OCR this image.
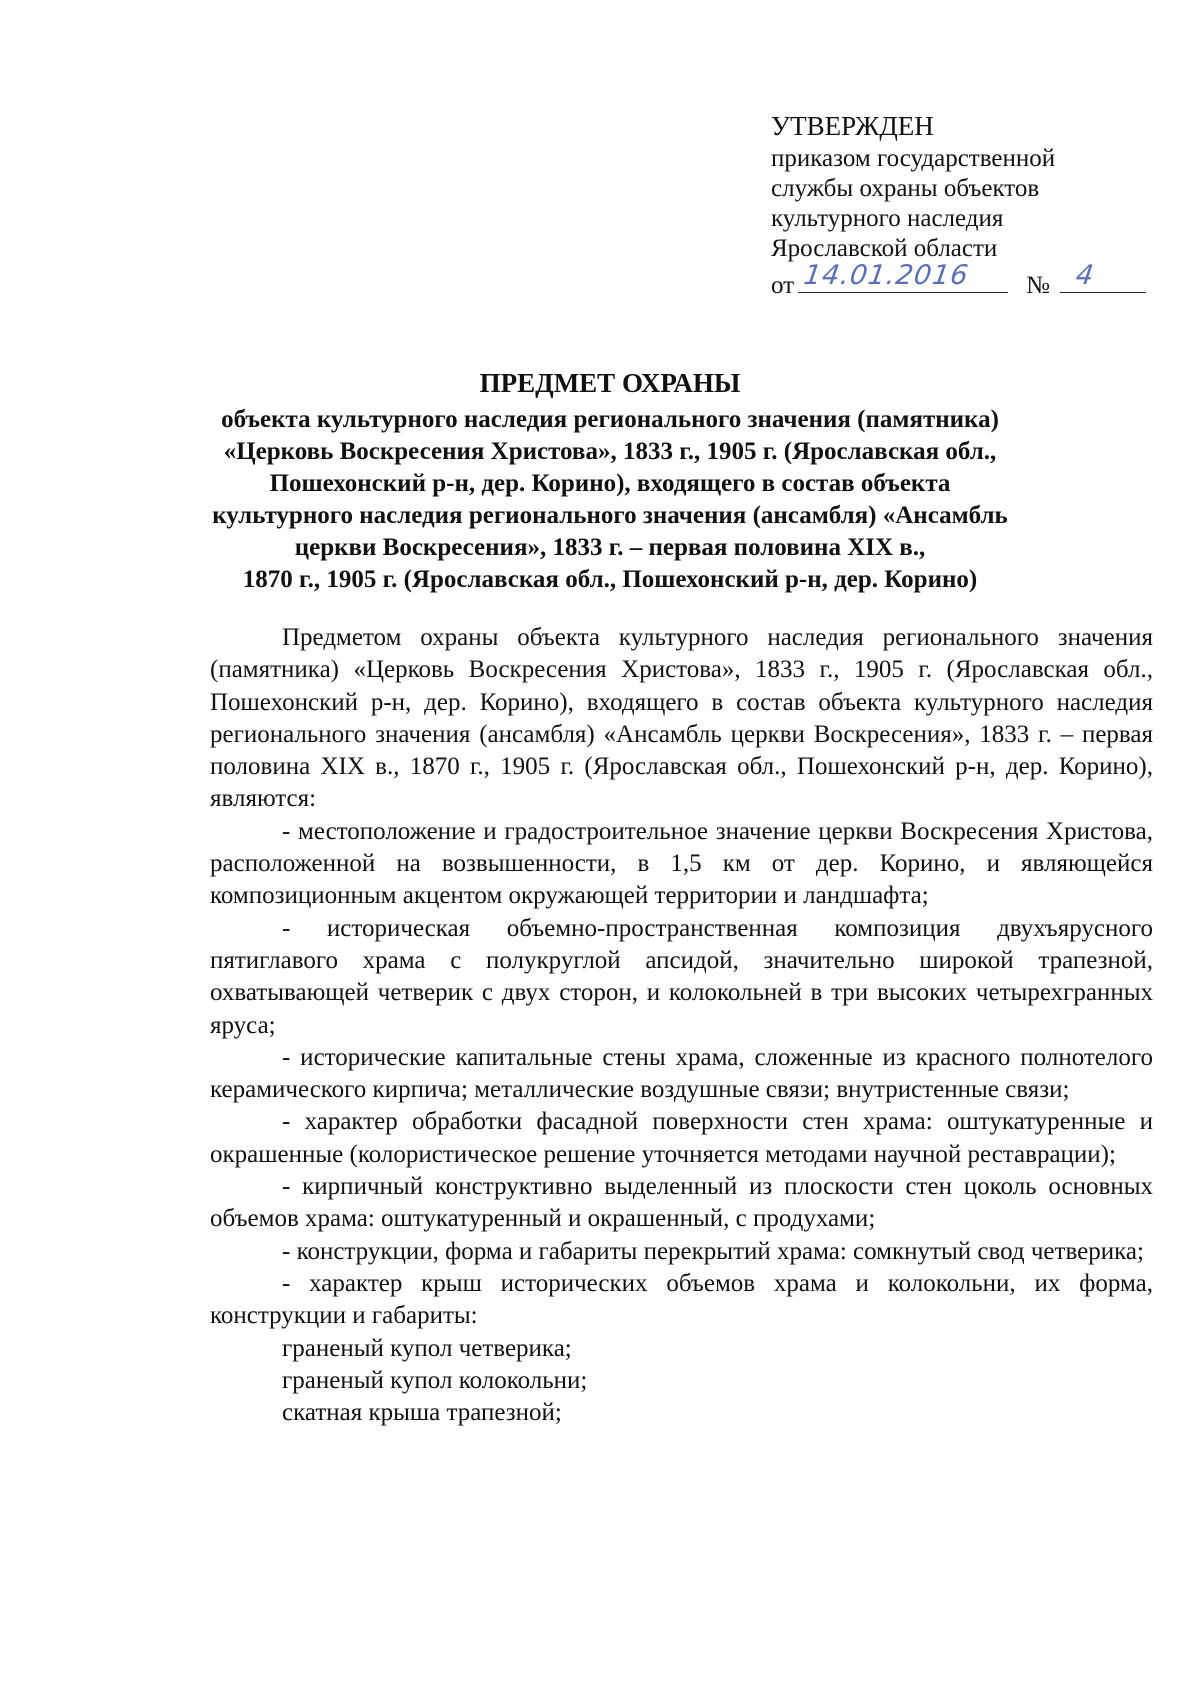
УТВЕРЖДЕН
приказом государственной
службы охраны объектов
культурного наследия
Ярославской области
от 14.01.2016 № 4
ПРЕДМЕТ ОХРАНЫ
объекта культурного наследия регионального значения (памятника)
«Церковь Воскресения Христова», 1833 г., 1905 г. (Ярославская обл.,
Пошехонский р-н, дер. Корино), входящего в состав объекта
культурного наследия регионального значения (ансамбля) «Ансамбль
церкви Воскресения», 1833 г. – первая половина XIX в.,
1870 г., 1905 г. (Ярославская обл., Пошехонский р-н, дер. Корино)

Предметом охраны объекта культурного наследия регионального значения (памятника) «Церковь Воскресения Христова», 1833 г., 1905 г. (Ярославская обл., Пошехонский р-н, дер. Корино), входящего в состав объекта культурного наследия регионального значения (ансамбля) «Ансамбль церкви Воскресения», 1833 г. – первая половина XIX в., 1870 г., 1905 г. (Ярославская обл., Пошехонский р-н, дер. Корино), являются:

- местоположение и градостроительное значение церкви Воскресения Христова, расположенной на возвышенности, в 1,5 км от дер. Корино, и являющейся композиционным акцентом окружающей территории и ландшафта;

- историческая объемно-пространственная композиция двухъярусного пятиглавого храма с полукруглой апсидой, значительно широкой трапезной, охватывающей четверик с двух сторон, и колокольней в три высоких четырехгранных яруса;

- исторические капитальные стены храма, сложенные из красного полнотелого керамического кирпича; металлические воздушные связи; внутристенные связи;

- характер обработки фасадной поверхности стен храма: оштукатуренные и окрашенные (колористическое решение уточняется методами научной реставрации);

- кирпичный конструктивно выделенный из плоскости стен цоколь основных объемов храма: оштукатуренный и окрашенный, с продухами;

- конструкции, форма и габариты перекрытий храма: сомкнутый свод четверика;

- характер крыш исторических объемов храма и колокольни, их форма, конструкции и габариты:

граненый купол четверика;

граненый купол колокольни;

скатная крыша трапезной;
